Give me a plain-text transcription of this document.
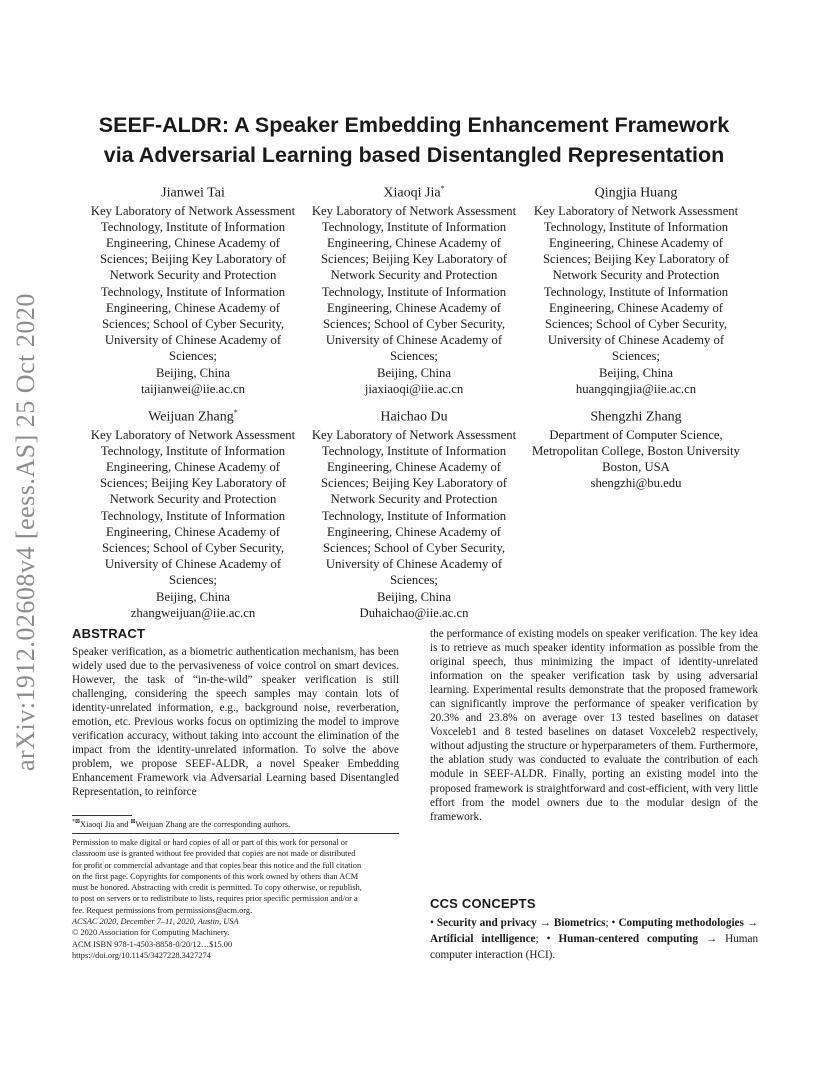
arXiv:1912.02608v4 [eess.AS] 25 Oct 2020
SEEF-ALDR: A Speaker Embedding Enhancement Framework
via Adversarial Learning based Disentangled Representation
Jianwei Tai
Key Laboratory of Network Assessment Technology, Institute of Information Engineering, Chinese Academy of Sciences; Beijing Key Laboratory of Network Security and Protection Technology, Institute of Information Engineering, Chinese Academy of Sciences; School of Cyber Security, University of Chinese Academy of Sciences;
Beijing, China
taijianwei@iie.ac.cn
Xiaoqi Jia*
Key Laboratory of Network Assessment Technology, Institute of Information Engineering, Chinese Academy of Sciences; Beijing Key Laboratory of Network Security and Protection Technology, Institute of Information Engineering, Chinese Academy of Sciences; School of Cyber Security, University of Chinese Academy of Sciences;
Beijing, China
jiaxiaoqi@iie.ac.cn
Qingjia Huang
Key Laboratory of Network Assessment Technology, Institute of Information Engineering, Chinese Academy of Sciences; Beijing Key Laboratory of Network Security and Protection Technology, Institute of Information Engineering, Chinese Academy of Sciences; School of Cyber Security, University of Chinese Academy of Sciences;
Beijing, China
huangqingjia@iie.ac.cn
Weijuan Zhang*
Key Laboratory of Network Assessment Technology, Institute of Information Engineering, Chinese Academy of Sciences; Beijing Key Laboratory of Network Security and Protection Technology, Institute of Information Engineering, Chinese Academy of Sciences; School of Cyber Security, University of Chinese Academy of Sciences;
Beijing, China
zhangweijuan@iie.ac.cn
Haichao Du
Key Laboratory of Network Assessment Technology, Institute of Information Engineering, Chinese Academy of Sciences; Beijing Key Laboratory of Network Security and Protection Technology, Institute of Information Engineering, Chinese Academy of Sciences; School of Cyber Security, University of Chinese Academy of Sciences;
Beijing, China
Duhaichao@iie.ac.cn
Shengzhi Zhang
Department of Computer Science, Metropolitan College, Boston University
Boston, USA
shengzhi@bu.edu
ABSTRACT

Speaker verification, as a biometric authentication mechanism, has been widely used due to the pervasiveness of voice control on smart devices. However, the task of “in-the-wild” speaker verification is still challenging, considering the speech samples may contain lots of identity-unrelated information, e.g., background noise, reverberation, emotion, etc. Previous works focus on optimizing the model to improve verification accuracy, without taking into account the elimination of the impact from the identity-unrelated information. To solve the above problem, we propose SEEF-ALDR, a novel Speaker Embedding Enhancement Framework via Adversarial Learning based Disentangled Representation, to reinforce

the performance of existing models on speaker verification. The key idea is to retrieve as much speaker identity information as possible from the original speech, thus minimizing the impact of identity-unrelated information on the speaker verification task by using adversarial learning. Experimental results demonstrate that the proposed framework can significantly improve the performance of speaker verification by 20.3% and 23.8% on average over 13 tested baselines on dataset Voxceleb1 and 8 tested baselines on dataset Voxceleb2 respectively, without adjusting the structure or hyperparameters of them. Furthermore, the ablation study was conducted to evaluate the contribution of each module in SEEF-ALDR. Finally, porting an existing model into the proposed framework is straightforward and cost-efficient, with very little effort from the model owners due to the modular design of the framework.

*⊠Xiaoqi Jia and ⊠Weijuan Zhang are the corresponding authors.
Permission to make digital or hard copies of all or part of this work for personal or
classroom use is granted without fee provided that copies are not made or distributed
for profit or commercial advantage and that copies bear this notice and the full citation
on the first page. Copyrights for components of this work owned by others than ACM
must be honored. Abstracting with credit is permitted. To copy otherwise, or republish,
to post on servers or to redistribute to lists, requires prior specific permission and/or a
fee. Request permissions from permissions@acm.org.
ACSAC 2020, December 7–11, 2020, Austin, USA
© 2020 Association for Computing Machinery.
ACM ISBN 978-1-4503-8858-0/20/12…$15.00
https://doi.org/10.1145/3427228.3427274
CCS CONCEPTS
• Security and privacy → Biometrics; • Computing methodologies → Artificial intelligence; • Human-centered computing → Human computer interaction (HCI).
